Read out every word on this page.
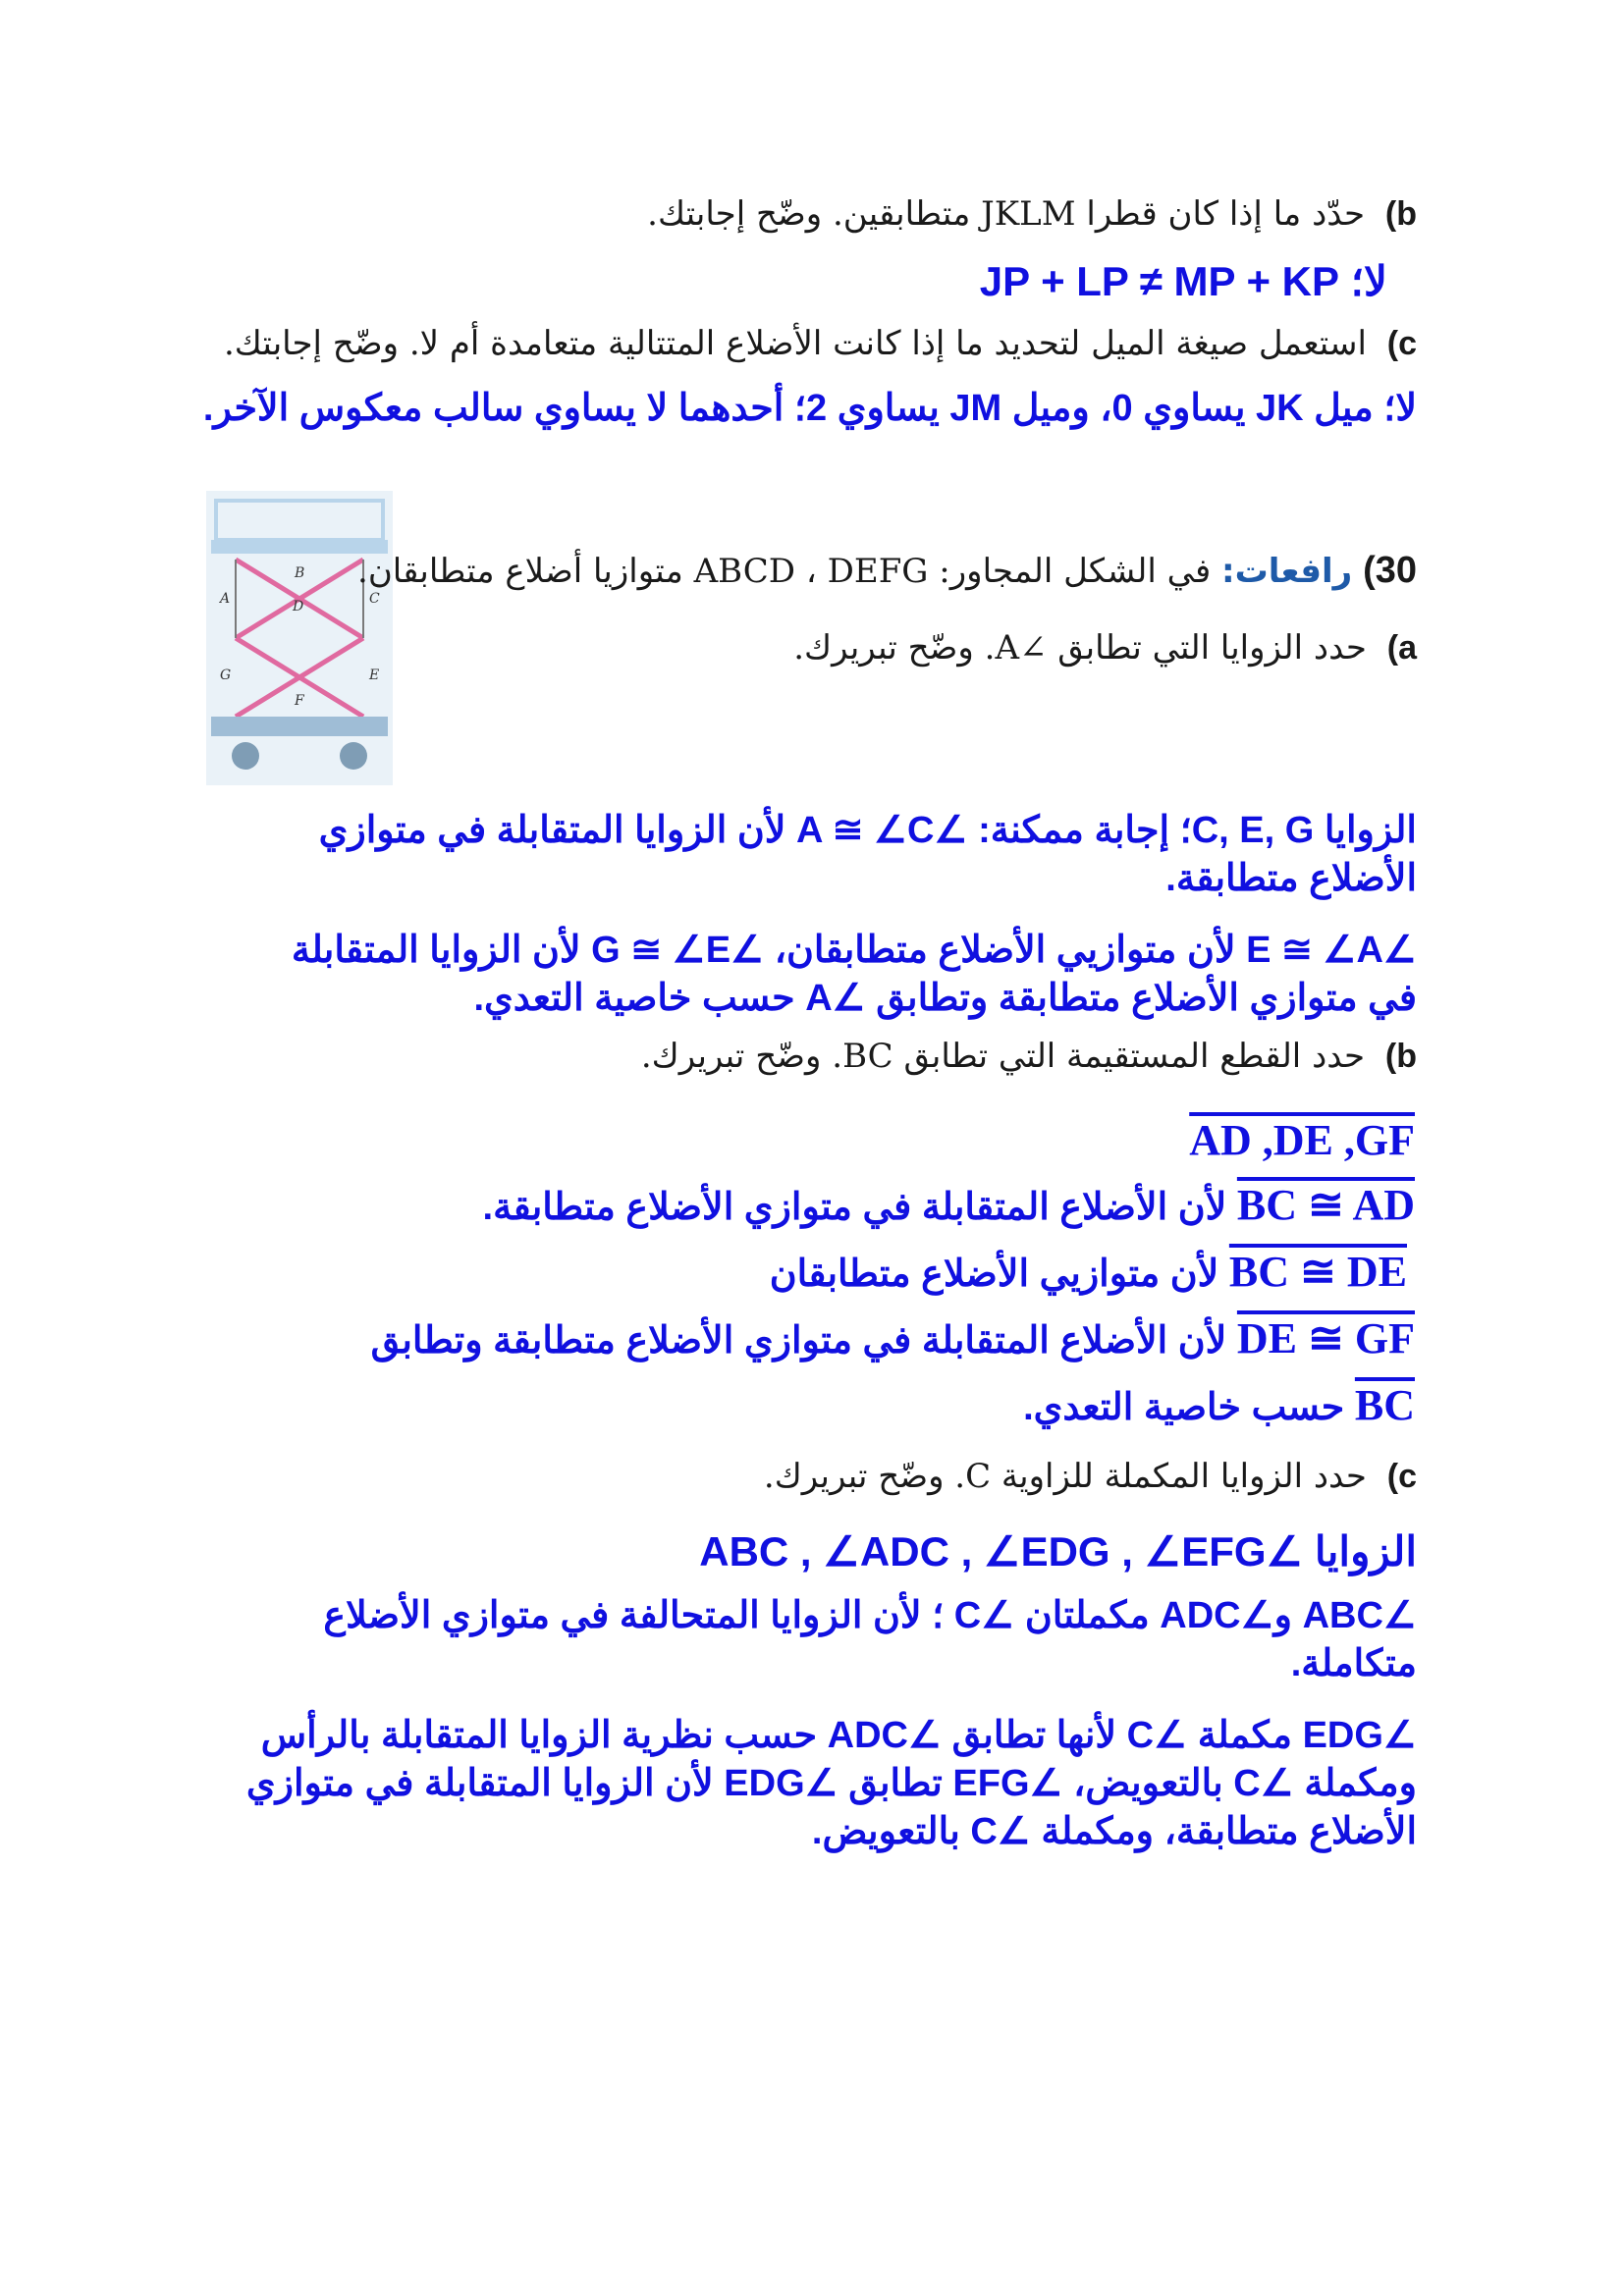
b) حدّد ما إذا كان قطرا JKLM متطابقين. وضّح إجابتك.
لا؛ JP + LP ≠ MP + KP
c) استعمل صيغة الميل لتحديد ما إذا كانت الأضلاع المتتالية متعامدة أم لا. وضّح إجابتك.
لا؛ ميل JK يساوي 0، وميل JM يساوي 2؛ أحدهما لا يساوي سالب معكوس الآخر.
B
A	D	C
G	E
F
30) رافعات: في الشكل المجاور: ABCD ، DEFG متوازيا أضلاع متطابقان.
a) حدد الزوايا التي تطابق ∠A. وضّح تبريرك.
الزوايا C, E, G؛ إجابة ممكنة: ∠A ≅ ∠C لأن الزوايا المتقابلة في متوازي الأضلاع متطابقة.
∠E ≅ ∠A لأن متوازيي الأضلاع متطابقان، ∠G ≅ ∠E لأن الزوايا المتقابلة في متوازي الأضلاع متطابقة وتطابق ∠A حسب خاصية التعدي.
b) حدد القطع المستقيمة التي تطابق BC. وضّح تبريرك.
AD ,DE ,GF
BC ≅ AD لأن الأضلاع المتقابلة في متوازي الأضلاع متطابقة.
BC ≅ DE لأن متوازيي الأضلاع متطابقان
DE ≅ GF لأن الأضلاع المتقابلة في متوازي الأضلاع متطابقة وتطابق
BC حسب خاصية التعدي.
c) حدد الزوايا المكملة للزاوية C. وضّح تبريرك.
الزوايا ∠ABC , ∠ADC , ∠EDG , ∠EFG
∠ABC و∠ADC مكملتان ∠C ؛ لأن الزوايا المتحالفة في متوازي الأضلاع متكاملة.
∠EDG مكملة ∠C لأنها تطابق ∠ADC حسب نظرية الزوايا المتقابلة بالرأس ومكملة ∠C بالتعويض، ∠EFG تطابق ∠EDG لأن الزوايا المتقابلة في متوازي الأضلاع متطابقة، ومكملة ∠C بالتعويض.
